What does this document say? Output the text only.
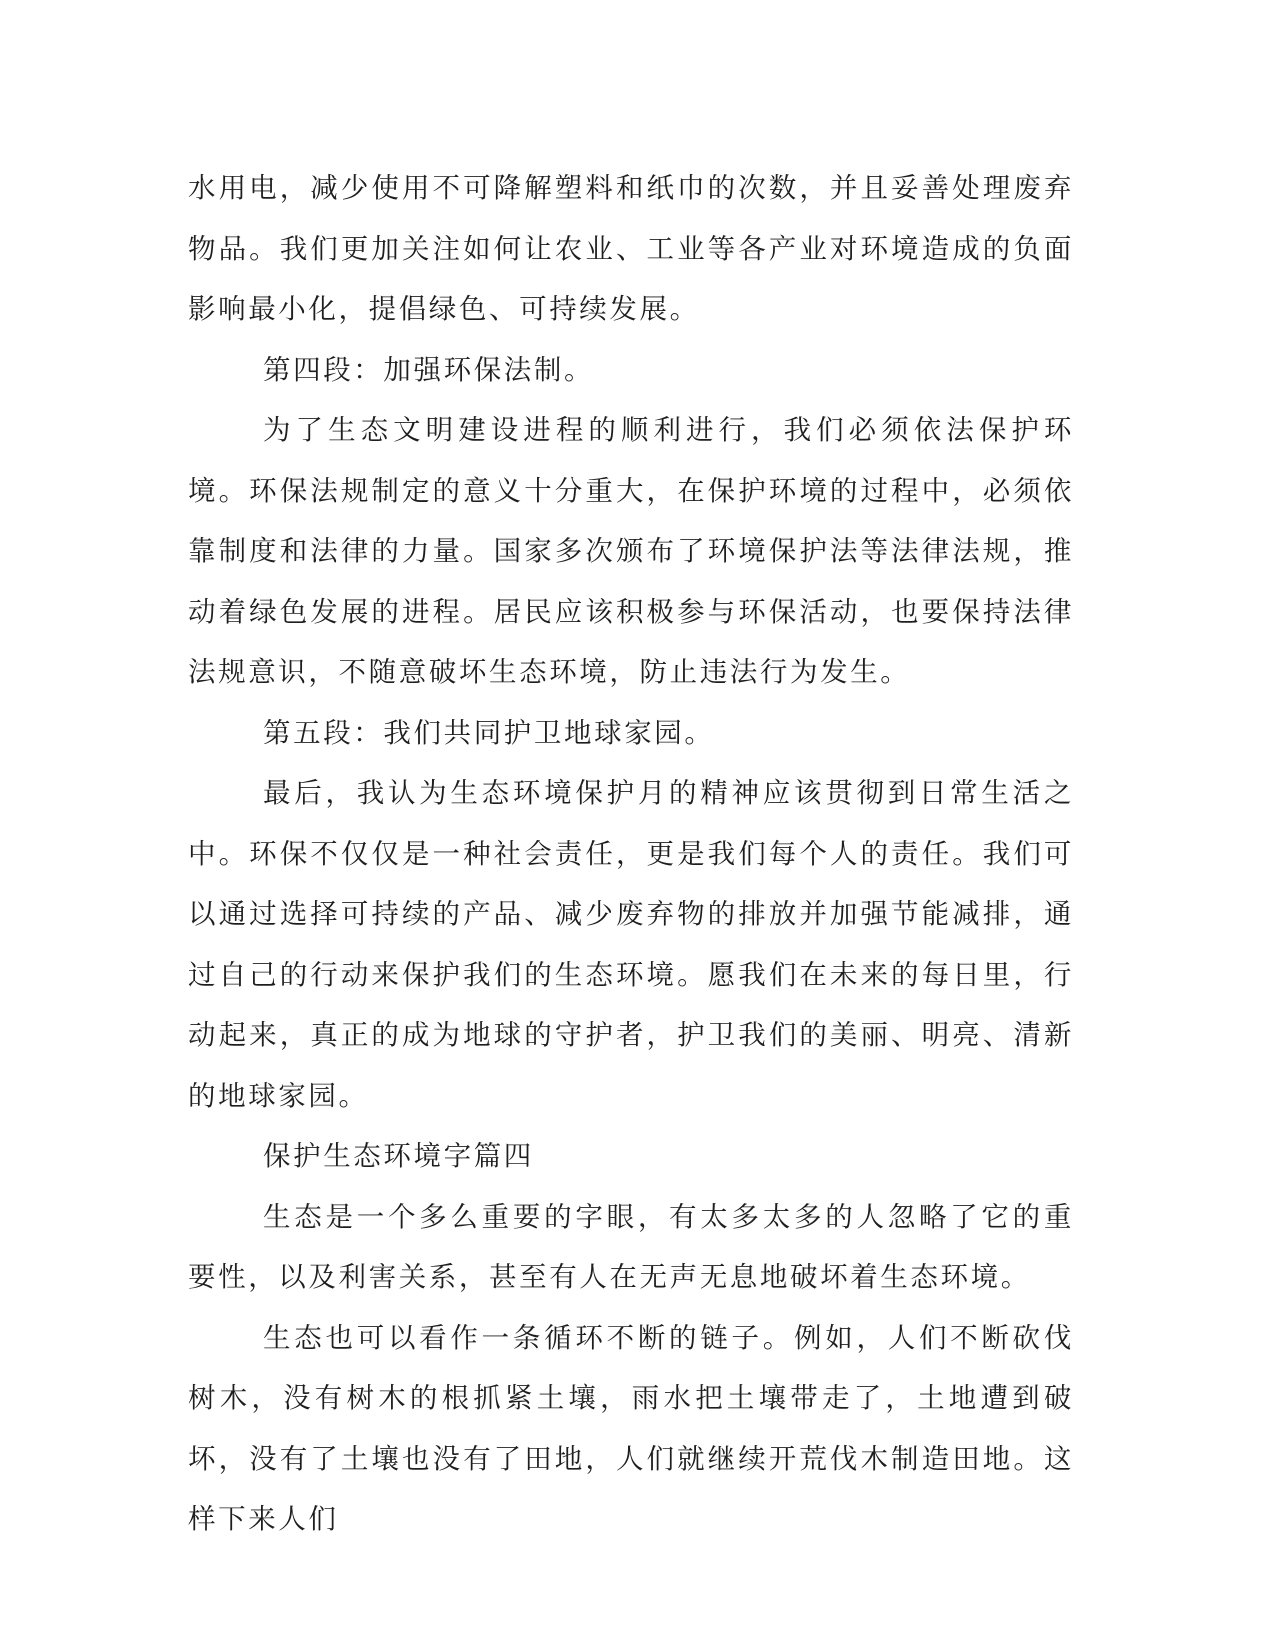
水用电，减少使用不可降解塑料和纸巾的次数，并且妥善处理废弃物品。我们更加关注如何让农业、工业等各产业对环境造成的负面影响最小化，提倡绿色、可持续发展。

第四段：加强环保法制。

为了生态文明建设进程的顺利进行，我们必须依法保护环境。环保法规制定的意义十分重大，在保护环境的过程中，必须依靠制度和法律的力量。国家多次颁布了环境保护法等法律法规，推动着绿色发展的进程。居民应该积极参与环保活动，也要保持法律法规意识，不随意破坏生态环境，防止违法行为发生。

第五段：我们共同护卫地球家园。

最后，我认为生态环境保护月的精神应该贯彻到日常生活之中。环保不仅仅是一种社会责任，更是我们每个人的责任。我们可以通过选择可持续的产品、减少废弃物的排放并加强节能减排，通过自己的行动来保护我们的生态环境。愿我们在未来的每日里，行动起来，真正的成为地球的守护者，护卫我们的美丽、明亮、清新的地球家园。

保护生态环境字篇四

生态是一个多么重要的字眼，有太多太多的人忽略了它的重要性，以及利害关系，甚至有人在无声无息地破坏着生态环境。

生态也可以看作一条循环不断的链子。例如，人们不断砍伐树木，没有树木的根抓紧土壤，雨水把土壤带走了，土地遭到破坏，没有了土壤也没有了田地，人们就继续开荒伐木制造田地。这样下来人们
